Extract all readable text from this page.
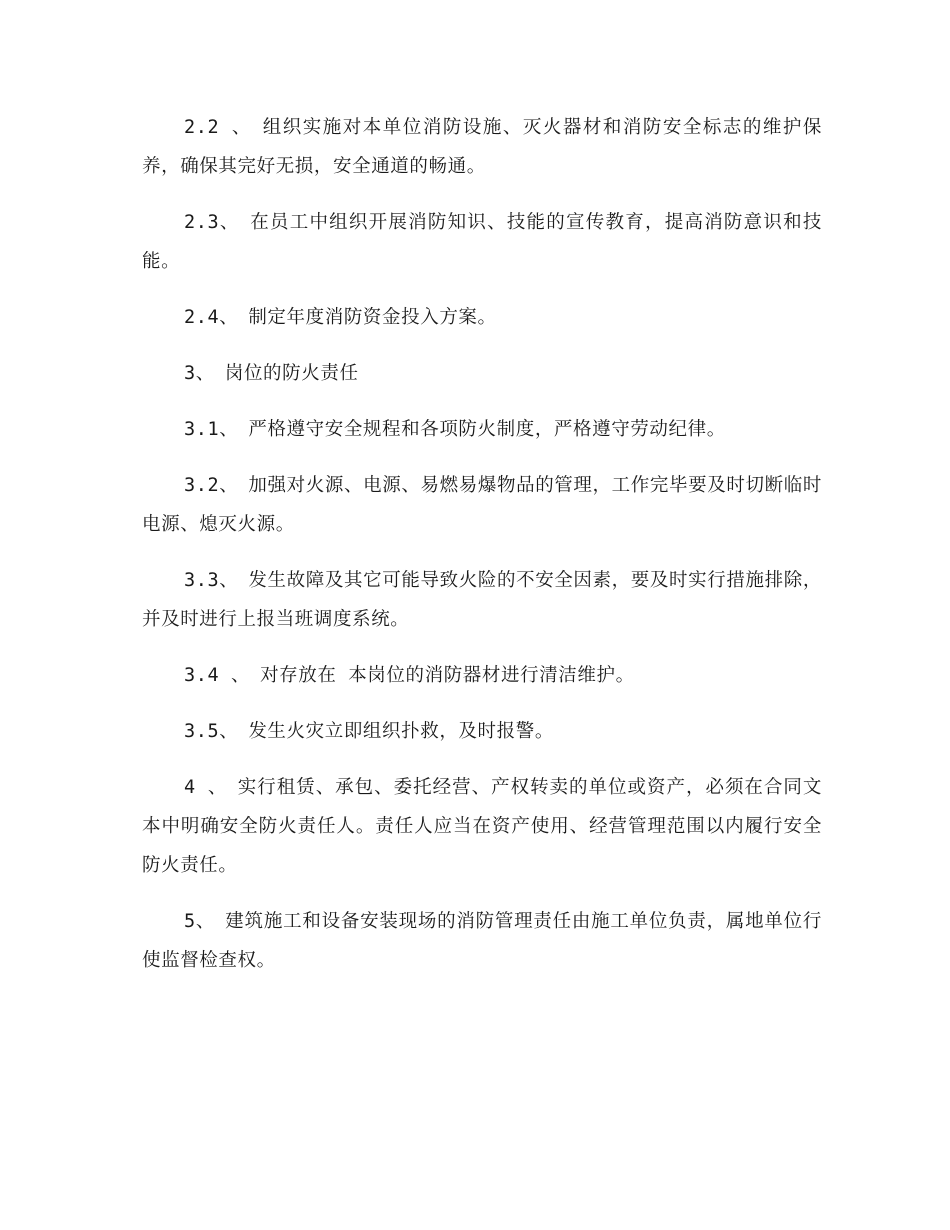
2.2 、 组织实施对本单位消防设施、灭火器材和消防安全标志的维护保养，确保其完好无损，安全通道的畅通。

2.3、 在员工中组织开展消防知识、技能的宣传教育，提高消防意识和技能。

2.4、 制定年度消防资金投入方案。

3、 岗位的防火责任

3.1、 严格遵守安全规程和各项防火制度，严格遵守劳动纪律。

3.2、 加强对火源、电源、易燃易爆物品的管理，工作完毕要及时切断临时电源、熄灭火源。

3.3、 发生故障及其它可能导致火险的不安全因素，要及时实行措施排除，并及时进行上报当班调度系统。

3.4 、 对存放在 本岗位的消防器材进行清洁维护。

3.5、 发生火灾立即组织扑救，及时报警。

4 、 实行租赁、承包、委托经营、产权转卖的单位或资产，必须在合同文本中明确安全防火责任人。责任人应当在资产使用、经营管理范围以内履行安全防火责任。

5、 建筑施工和设备安装现场的消防管理责任由施工单位负责，属地单位行使监督检查权。
